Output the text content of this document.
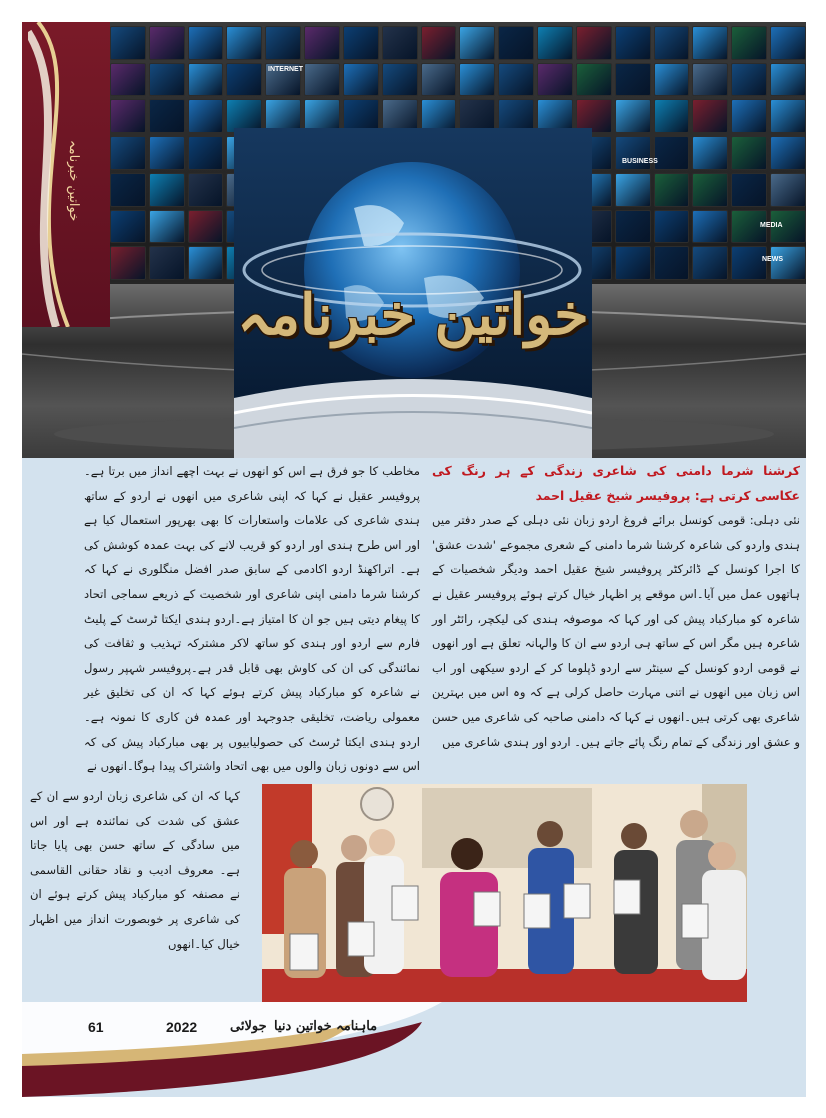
INTERNET
BUSINESS
MEDIA
NEWS
خواتین خبرنامہ
خواتین خبرنامہ

کرشنا شرما دامنی کی شاعری زندگی کے ہر رنگ کی عکاسی کرتی ہے: پروفیسر شیخ عقیل احمد

نئی دہلی: قومی کونسل برائے فروغ اردو زبان نئی دہلی کے صدر دفتر میں ہندی واردو کی شاعرہ کرشنا شرما دامنی کے شعری مجموعے 'شدت عشق' کا اجرا کونسل کے ڈائرکٹر پروفیسر شیخ عقیل احمد ودیگر شخصیات کے ہاتھوں عمل میں آیا۔اس موقعے پر اظہار خیال کرتے ہوئے پروفیسر عقیل نے شاعرہ کو مبارکباد پیش کی اور کہا کہ موصوفہ ہندی کی لیکچر، رائٹر اور شاعرہ ہیں مگر اس کے ساتھ ہی اردو سے ان کا والہانہ تعلق ہے اور انھوں نے قومی اردو کونسل کے سینٹر سے اردو ڈپلوما کر کے اردو سیکھی اور اب اس زبان میں انھوں نے اتنی مہارت حاصل کرلی ہے کہ وہ اس میں بہترین شاعری بھی کرتی ہیں۔انھوں نے کہا کہ دامنی صاحبہ کی شاعری میں حسن و عشق اور زندگی کے تمام رنگ پائے جاتے ہیں۔ اردو اور ہندی شاعری میں

مخاطب کا جو فرق ہے اس کو انھوں نے بہت اچھے انداز میں برتا ہے۔پروفیسر عقیل نے کہا کہ اپنی شاعری میں انھوں نے اردو کے ساتھ ہندی شاعری کی علامات واستعارات کا بھی بھرپور استعمال کیا ہے اور اس طرح ہندی اور اردو کو قریب لانے کی بہت عمدہ کوشش کی ہے۔ اتراکھنڈ اردو اکادمی کے سابق صدر افضل منگلوری نے کہا کہ کرشنا شرما دامنی اپنی شاعری اور شخصیت کے ذریعے سماجی اتحاد کا پیغام دیتی ہیں جو ان کا امتیاز ہے۔اردو ہندی ایکتا ٹرسٹ کے پلیٹ فارم سے اردو اور ہندی کو ساتھ لاکر مشترکہ تہذیب و ثقافت کی نمائندگی کی ان کی کاوش بھی قابل قدر ہے۔پروفیسر شہپر رسول نے شاعرہ کو مبارکباد پیش کرتے ہوئے کہا کہ ان کی تخلیق غیر معمولی ریاضت، تخلیقی جدوجہد اور عمدہ فن کاری کا نمونہ ہے۔اردو ہندی ایکتا ٹرسٹ کی حصولیابیوں پر بھی مبارکباد پیش کی کہ اس سے دونوں زبان والوں میں بھی اتحاد واشتراک پیدا ہوگا۔انھوں نے

کہا کہ ان کی شاعری زبان اردو سے ان کے عشق کی شدت کی نمائندہ ہے اور اس میں سادگی کے ساتھ حسن بھی پایا جاتا ہے۔ معروف ادیب و نقاد حقانی القاسمی نے مصنفہ کو مبارکباد پیش کرتے ہوئے ان کی شاعری پر خوبصورت انداز میں اظہار خیال کیا۔انھوں

61	2022	جولائی ماہنامہ خواتین دنیا
